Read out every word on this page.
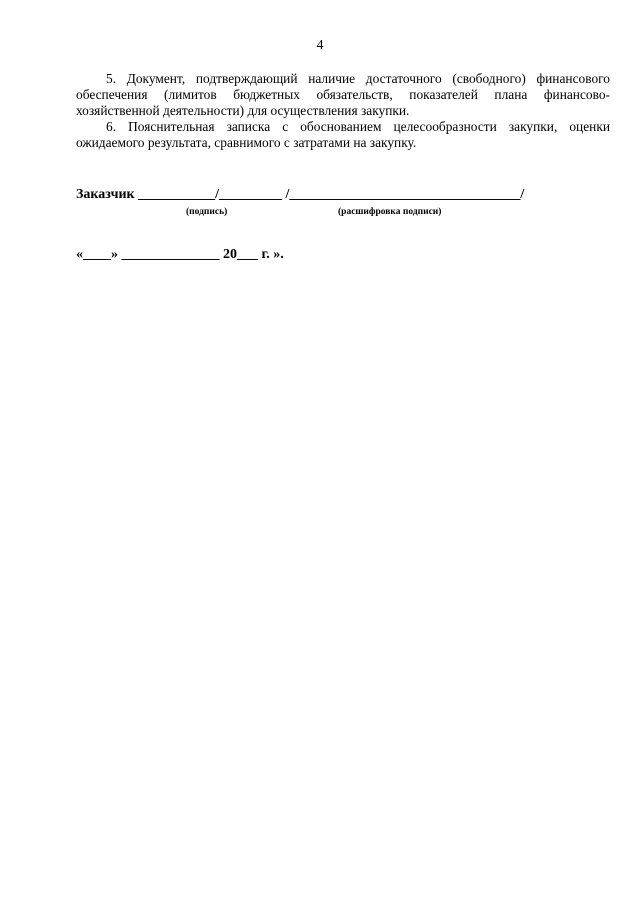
4

5. Документ, подтверждающий наличие достаточного (свободного) финансового обеспечения (лимитов бюджетных обязательств, показателей плана финансово-хозяйственной деятельности) для осуществления закупки.

6. Пояснительная записка с обоснованием целесообразности закупки, оценки ожидаемого результата, сравнимого с затратами на закупку.

Заказчик ___________/_________ /_________________________________/
(подпись)	(расшифровка подписи)
«____» ______________ 20___ г. ».
